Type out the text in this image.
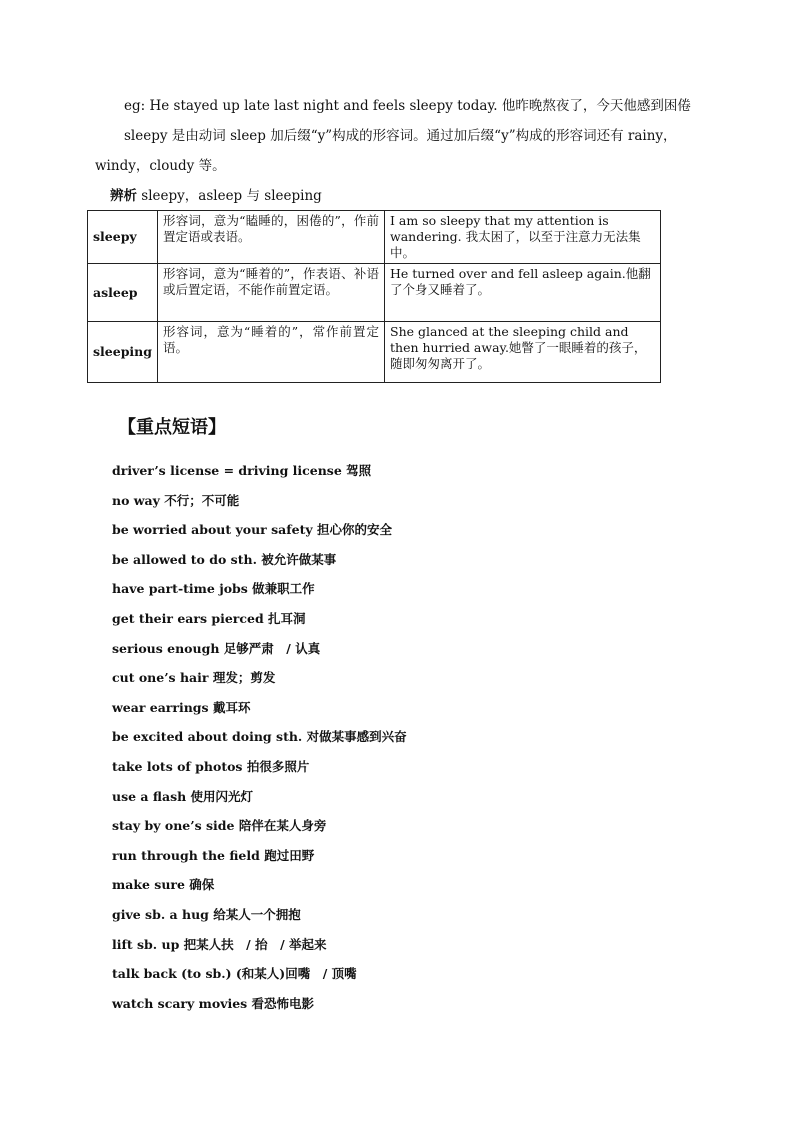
eg: He stayed up late last night and feels sleepy today. 他昨晚熬夜了，今天他感到困倦
sleepy 是由动词 sleep 加后缀“y”构成的形容词。通过加后缀“y”构成的形容词还有 rainy，
windy，cloudy 等。
辨析 sleepy，asleep 与 sleeping
sleepy	形容词，意为“瞌睡的，困倦的”，作前置定语或表语。	I am so sleepy that my attention is wandering. 我太困了，以至于注意力无法集中。
asleep	形容词，意为“睡着的”，作表语、补语或后置定语，不能作前置定语。	He turned over and fell asleep again.他翻了个身又睡着了。
sleeping	形容词，意为“睡着的”，常作前置定语。	She glanced at the sleeping child and then hurried away.她瞥了一眼睡着的孩子，随即匆匆离开了。
【重点短语】
driver’s license = driving license 驾照
no way 不行；不可能
be worried about your safety 担心你的安全
be allowed to do sth. 被允许做某事
have part-time jobs 做兼职工作
get their ears pierced 扎耳洞
serious enough 足够严肃　/ 认真
cut one’s hair 理发；剪发
wear earrings 戴耳环
be excited about doing sth. 对做某事感到兴奋
take lots of photos 拍很多照片
use a flash 使用闪光灯
stay by one’s side 陪伴在某人身旁
run through the field 跑过田野
make sure 确保
give sb. a hug 给某人一个拥抱
lift sb. up 把某人扶　/ 抬　/ 举起来
talk back (to sb.) (和某人)回嘴　/ 顶嘴
watch scary movies 看恐怖电影
